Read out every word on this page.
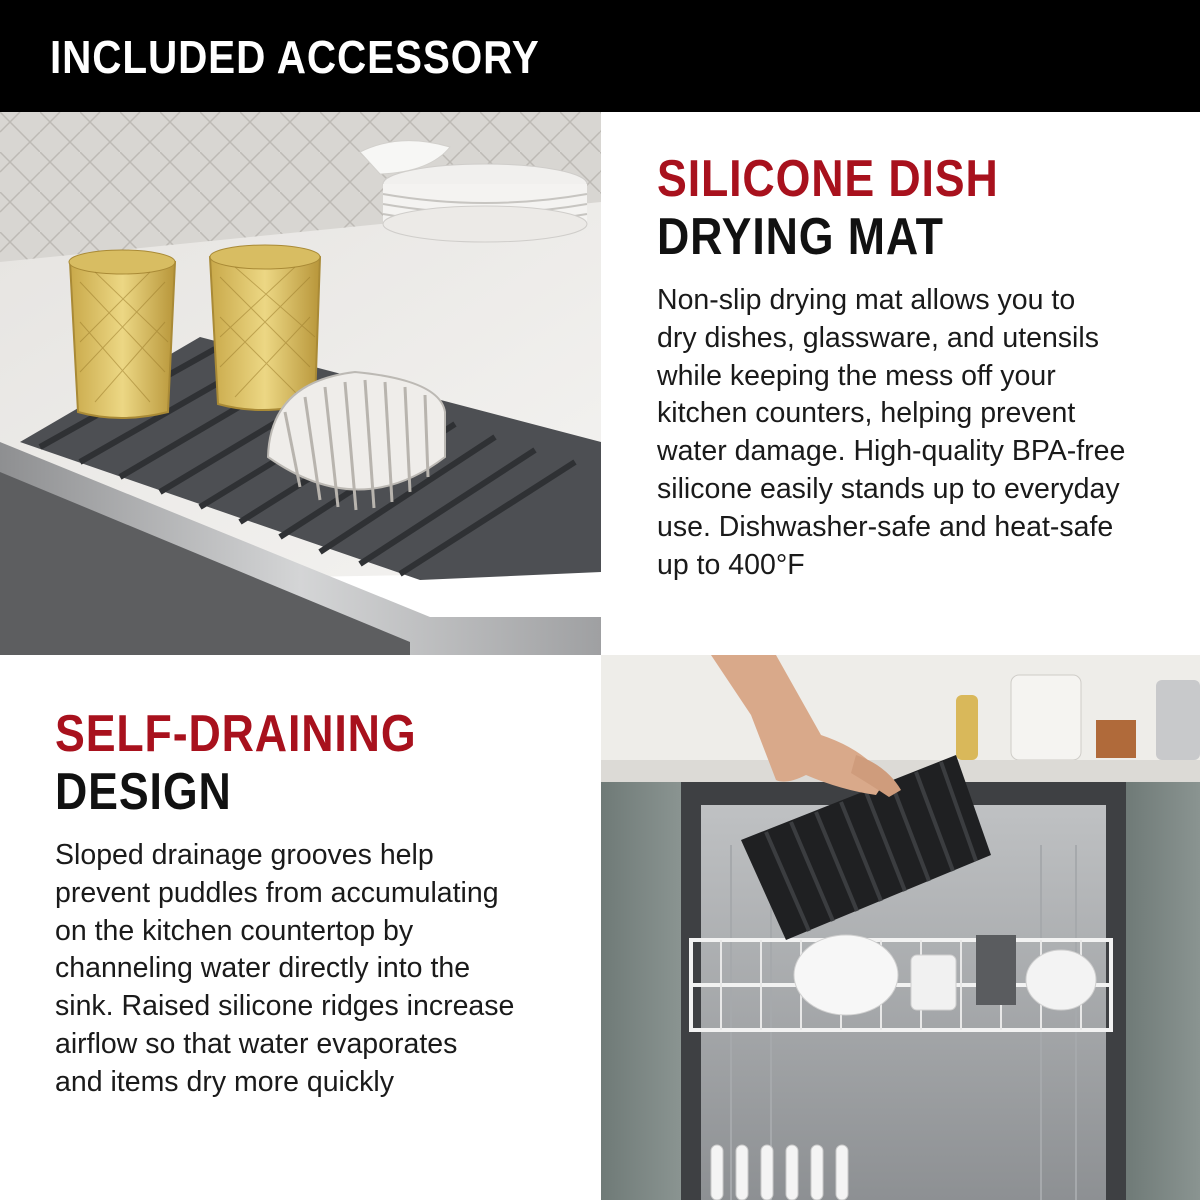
INCLUDED ACCESSORY
SILICONE DISH
DRYING MAT
Non-slip drying mat allows you to
dry dishes, glassware, and utensils
while keeping the mess off your
kitchen counters, helping prevent
water damage. High-quality BPA-free
silicone easily stands up to everyday
use. Dishwasher-safe and heat-safe
up to 400°F
SELF-DRAINING
DESIGN
Sloped drainage grooves help
prevent puddles from accumulating
on the kitchen countertop by
channeling water directly into the
sink. Raised silicone ridges increase
airflow so that water evaporates
and items dry more quickly
